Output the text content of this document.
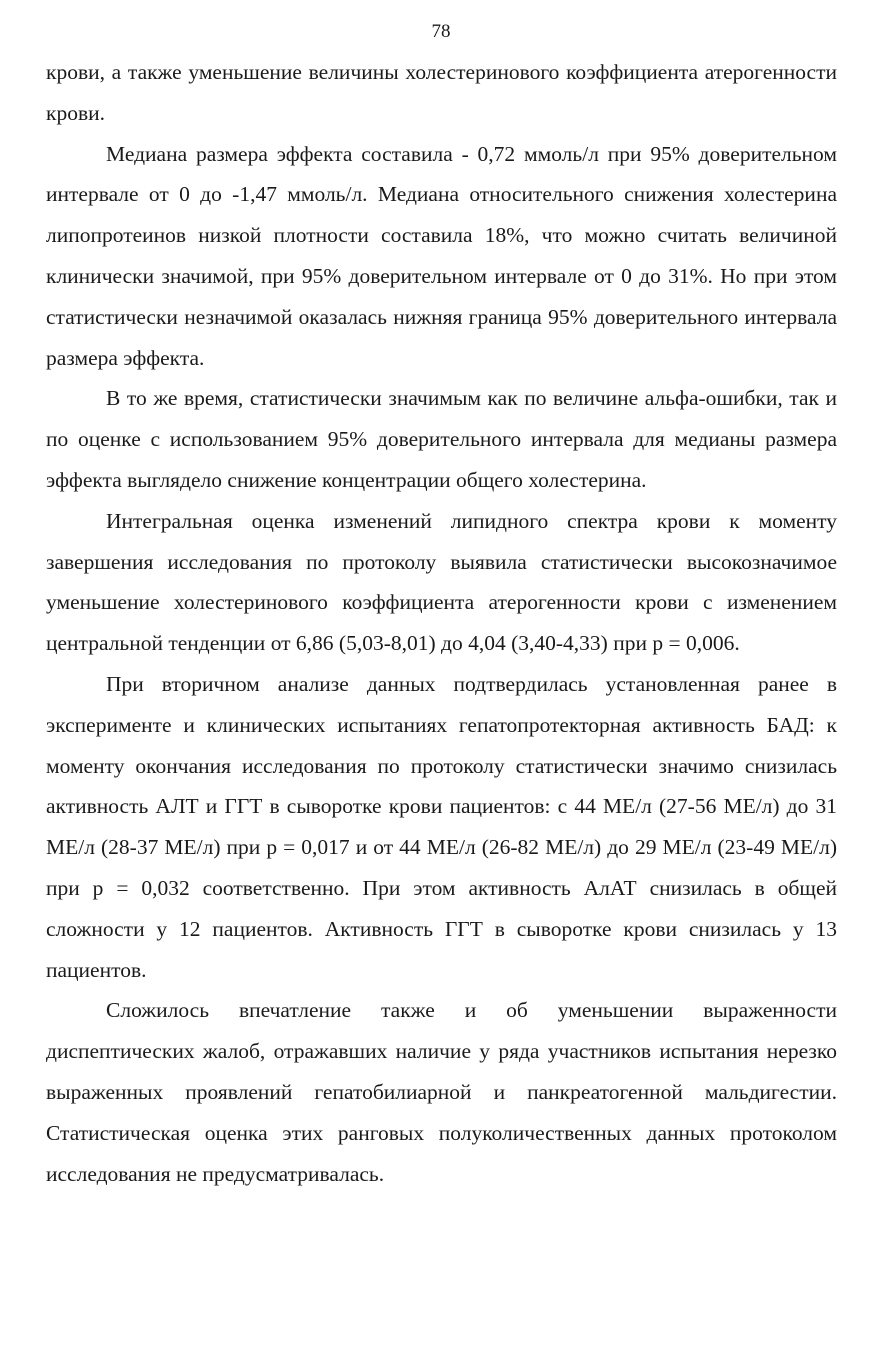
78

крови, а также уменьшение величины холестеринового коэффициента атерогенности крови.

Медиана размера эффекта составила - 0,72 ммоль/л при 95% доверительном интервале от 0 до -1,47 ммоль/л. Медиана относительного снижения холестерина липопротеинов низкой плотности составила 18%, что можно считать величиной клинически значимой, при 95% доверительном интервале от 0 до 31%. Но при этом статистически незначимой оказалась нижняя граница 95% доверительного интервала размера эффекта.

В то же время, статистически значимым как по величине альфа-ошибки, так и по оценке с использованием 95% доверительного интервала для медианы размера эффекта выглядело снижение концентрации общего холестерина.

Интегральная оценка изменений липидного спектра крови к моменту завершения исследования по протоколу выявила статистически высокозначимое уменьшение холестеринового коэффициента атерогенности крови с изменением центральной тенденции от 6,86 (5,03-8,01) до 4,04 (3,40-4,33) при р = 0,006.

При вторичном анализе данных подтвердилась установленная ранее в эксперименте и клинических испытаниях гепатопротекторная активность БАД: к моменту окончания исследования по протоколу статистически значимо снизилась активность АЛТ и ГГТ в сыворотке крови пациентов: с 44 МЕ/л (27-56 МЕ/л) до 31 МЕ/л (28-37 МЕ/л) при р = 0,017 и от 44 МЕ/л (26-82 МЕ/л) до 29 МЕ/л (23-49 МЕ/л) при р = 0,032 соответственно. При этом активность АлАТ снизилась в общей сложности у 12 пациентов. Активность ГГТ в сыворотке крови снизилась у 13 пациентов.

Сложилось впечатление также и об уменьшении выраженности диспептических жалоб, отражавших наличие у ряда участников испытания нерезко выраженных проявлений гепатобилиарной и панкреатогенной мальдигестии. Статистическая оценка этих ранговых полуколичественных данных протоколом исследования не предусматривалась.
